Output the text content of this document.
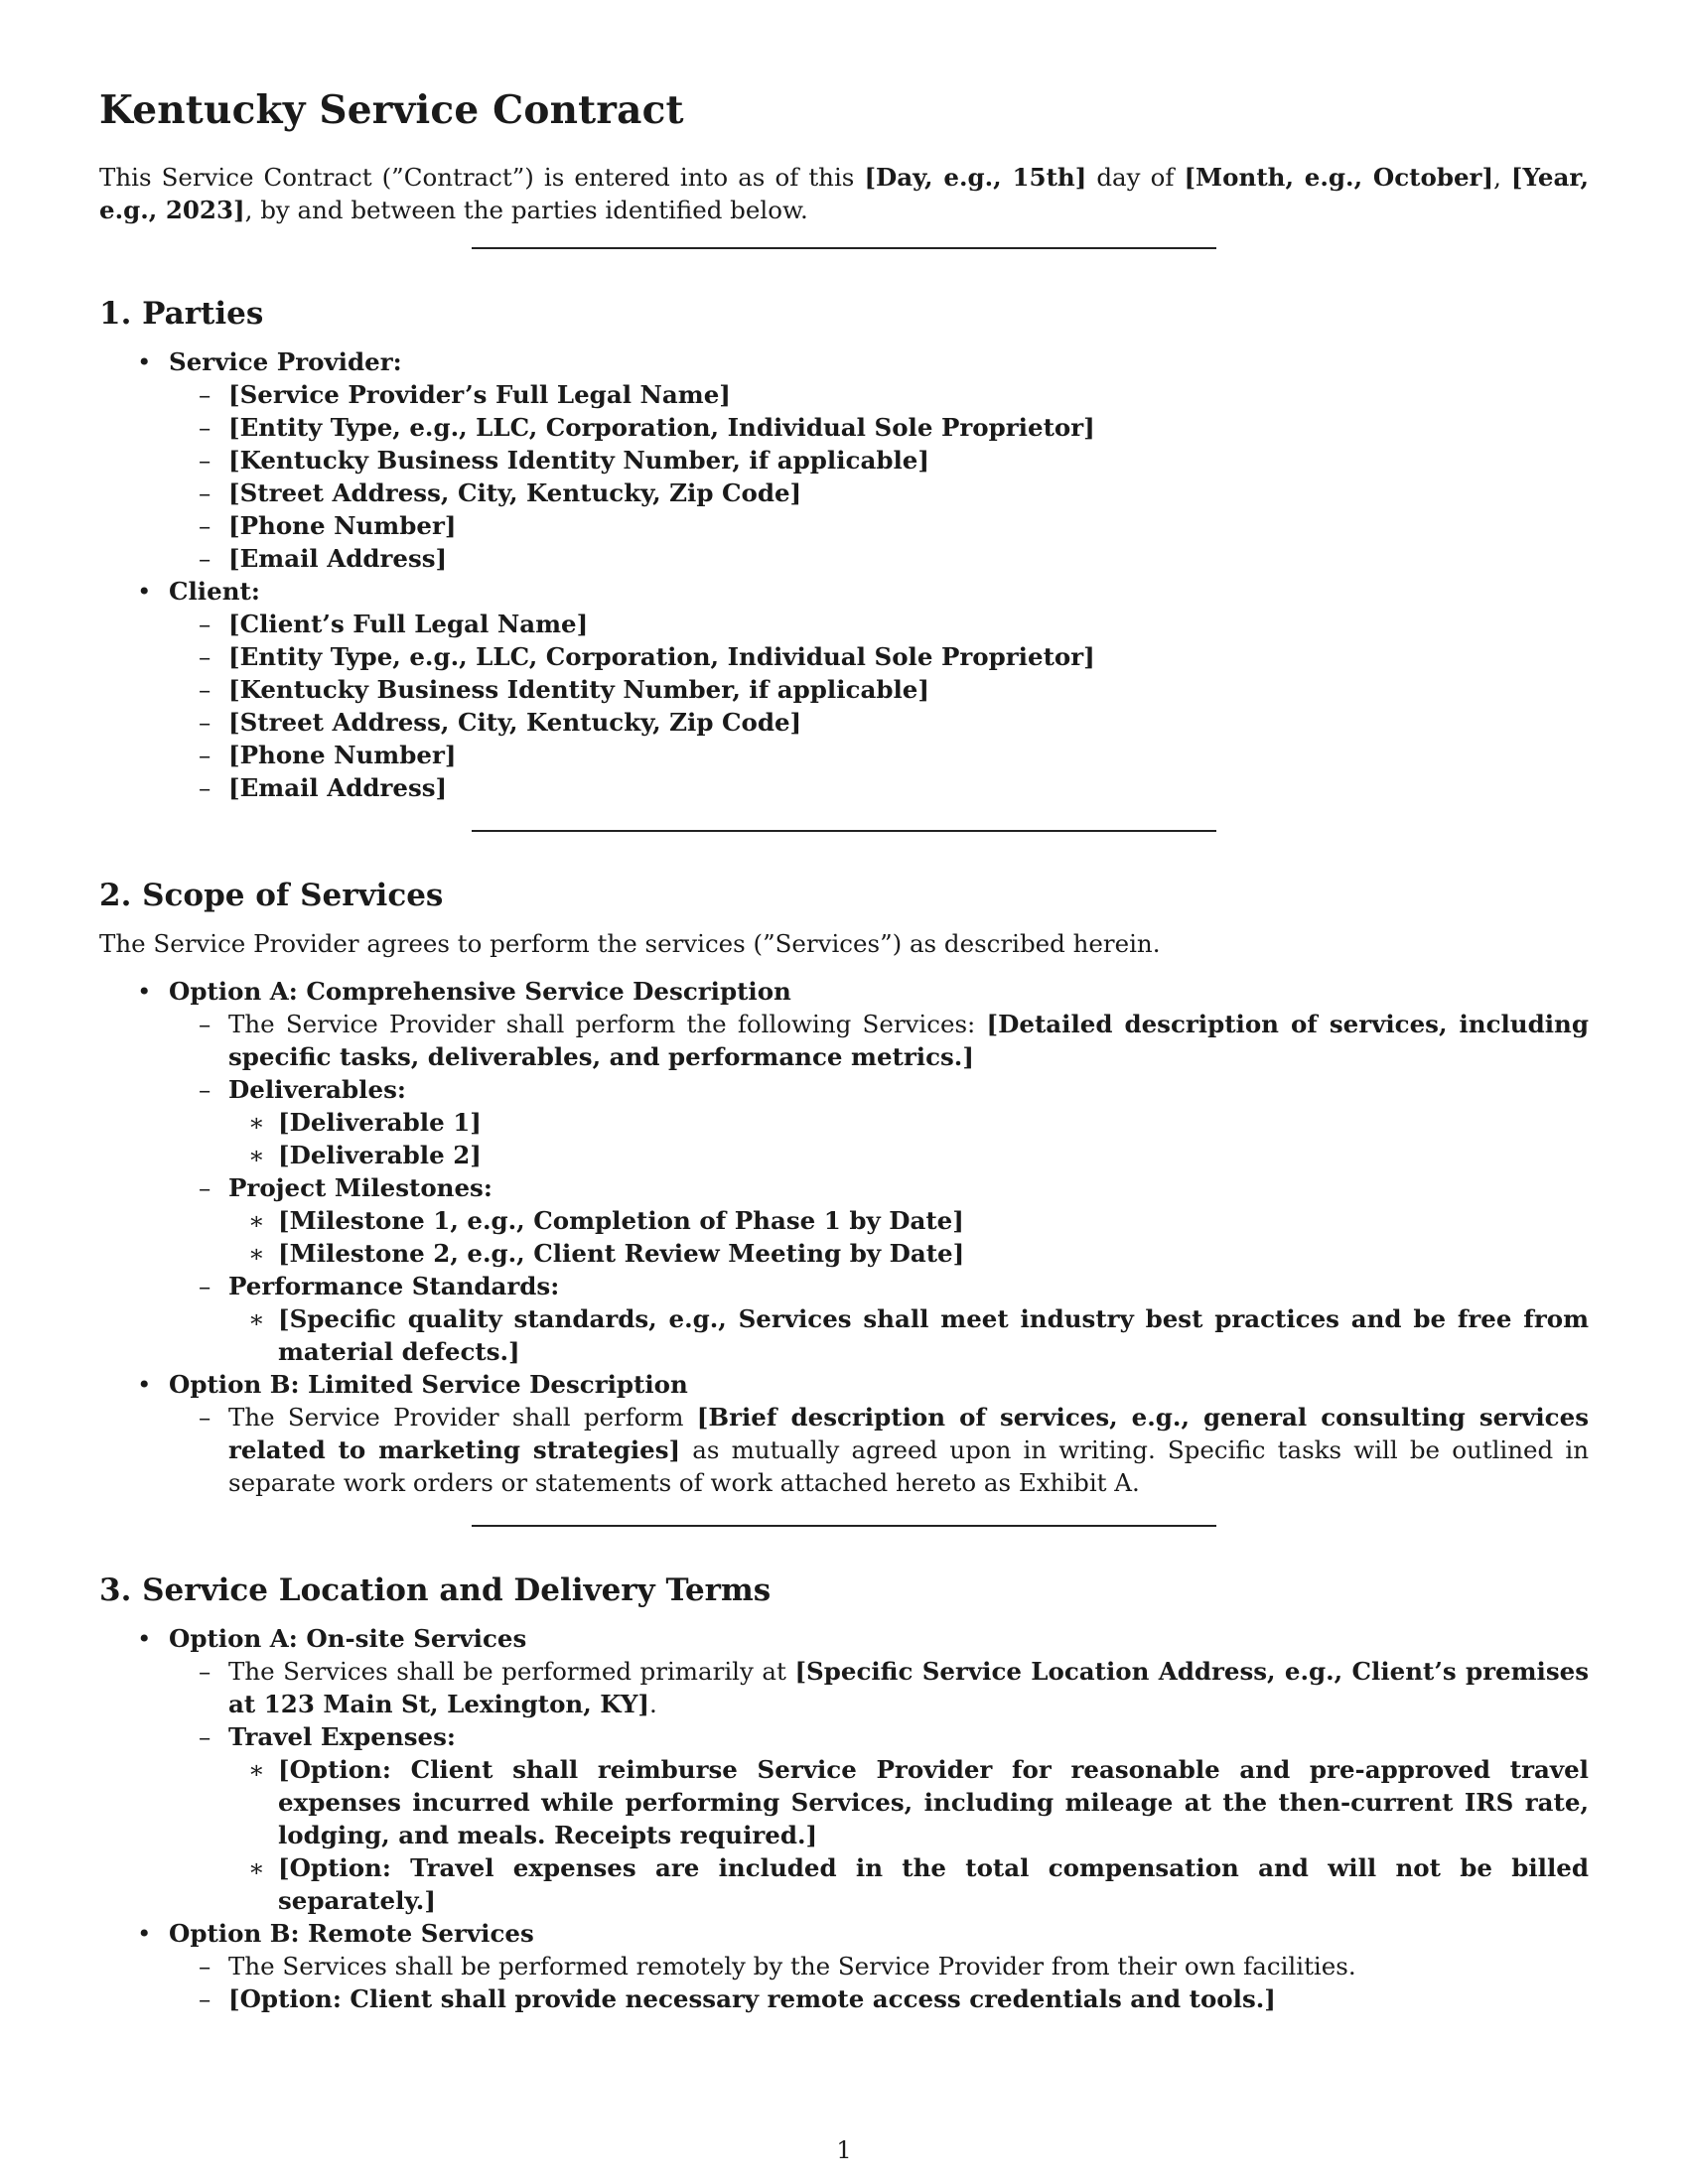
Kentucky Service Contract

This Service Contract (”Contract”) is entered into as of this [Day, e.g., 15th] day of [Month, e.g., October], [Year, e.g., 2023], by and between the parties identified below.

1. Parties
• Service Provider:
– [Service Provider’s Full Legal Name]
– [Entity Type, e.g., LLC, Corporation, Individual Sole Proprietor]
– [Kentucky Business Identity Number, if applicable]
– [Street Address, City, Kentucky, Zip Code]
– [Phone Number]
– [Email Address]
• Client:
– [Client’s Full Legal Name]
– [Entity Type, e.g., LLC, Corporation, Individual Sole Proprietor]
– [Kentucky Business Identity Number, if applicable]
– [Street Address, City, Kentucky, Zip Code]
– [Phone Number]
– [Email Address]
2. Scope of Services

The Service Provider agrees to perform the services (”Services”) as described herein.

• Option A: Comprehensive Service Description
– The Service Provider shall perform the following Services: [Detailed description of services, including specific tasks, deliverables, and performance metrics.]
– Deliverables:
∗ [Deliverable 1]
∗ [Deliverable 2]
– Project Milestones:
∗ [Milestone 1, e.g., Completion of Phase 1 by Date]
∗ [Milestone 2, e.g., Client Review Meeting by Date]
– Performance Standards:
∗ [Specific quality standards, e.g., Services shall meet industry best practices and be free from material defects.]
• Option B: Limited Service Description
– The Service Provider shall perform [Brief description of services, e.g., general consulting services related to marketing strategies] as mutually agreed upon in writing. Specific tasks will be outlined in separate work orders or statements of work attached hereto as Exhibit A.
3. Service Location and Delivery Terms
• Option A: On-site Services
– The Services shall be performed primarily at [Specific Service Location Address, e.g., Client’s premises at 123 Main St, Lexington, KY].
– Travel Expenses:
∗ [Option: Client shall reimburse Service Provider for reasonable and pre-approved travel expenses incurred while performing Services, including mileage at the then-current IRS rate, lodging, and meals. Receipts required.]
∗ [Option: Travel expenses are included in the total compensation and will not be billed separately.]
• Option B: Remote Services
– The Services shall be performed remotely by the Service Provider from their own facilities.
– [Option: Client shall provide necessary remote access credentials and tools.]
1
